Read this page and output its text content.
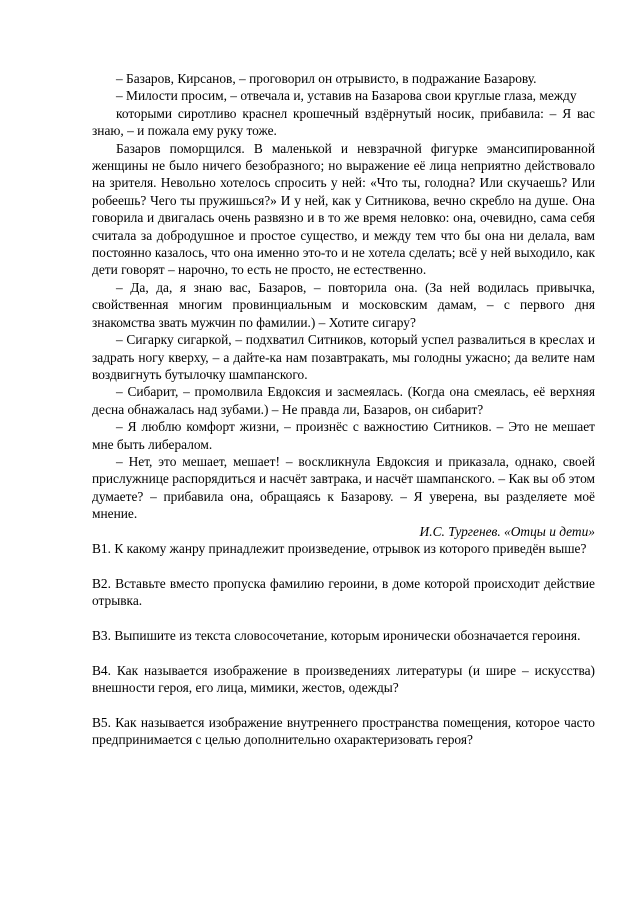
– Базаров, Кирсанов, – проговорил он отрывисто, в подражание Базарову.

– Милости просим, – отвечала и, уставив на Базарова свои круглые глаза, между

которыми сиротливо краснел крошечный вздёрнутый носик, прибавила: – Я вас знаю, – и пожала ему руку тоже.

Базаров поморщился. В маленькой и невзрачной фигурке эмансипированной женщины не было ничего безобразного; но выражение её лица неприятно действовало на зрителя. Невольно хотелось спросить у ней: «Что ты, голодна? Или скучаешь? Или робеешь? Чего ты пружишься?» И у ней, как у Ситникова, вечно скребло на душе. Она говорила и двигалась очень развязно и в то же время неловко: она, очевидно, сама себя считала за добродушное и простое существо, и между тем что бы она ни делала, вам постоянно казалось, что она именно это-то и не хотела сделать; всё у ней выходило, как дети говорят – нарочно, то есть не просто, не естественно.

– Да, да, я знаю вас, Базаров, – повторила она. (За ней водилась привычка, свойственная многим провинциальным и московским дамам, – с первого дня знакомства звать мужчин по фамилии.) – Хотите сигару?

– Сигарку сигаркой, – подхватил Ситников, который успел развалиться в креслах и задрать ногу кверху, – а дайте-ка нам позавтракать, мы голодны ужасно; да велите нам воздвигнуть бутылочку шампанского.

– Сибарит, – промолвила Евдоксия и засмеялась. (Когда она смеялась, её верхняя десна обнажалась над зубами.) – Не правда ли, Базаров, он сибарит?

– Я люблю комфорт жизни, – произнёс с важностию Ситников. – Это не мешает мне быть либералом.

– Нет, это мешает, мешает! – воскликнула Евдоксия и приказала, однако, своей прислужнице распорядиться и насчёт завтрака, и насчёт шампанского. – Как вы об этом думаете? – прибавила она, обращаясь к Базарову. – Я уверена, вы разделяете моё мнение.

И.С. Тургенев. «Отцы и дети»

В1. К какому жанру принадлежит произведение, отрывок из которого приведён выше?

В2. Вставьте вместо пропуска фамилию героини, в доме которой происходит действие отрывка.

В3. Выпишите из текста словосочетание, которым иронически обозначается героиня.

В4. Как называется изображение в произведениях литературы (и шире – искусства) внешности героя, его лица, мимики, жестов, одежды?

В5. Как называется изображение внутреннего пространства помещения, которое часто предпринимается с целью дополнительно охарактеризовать героя?
